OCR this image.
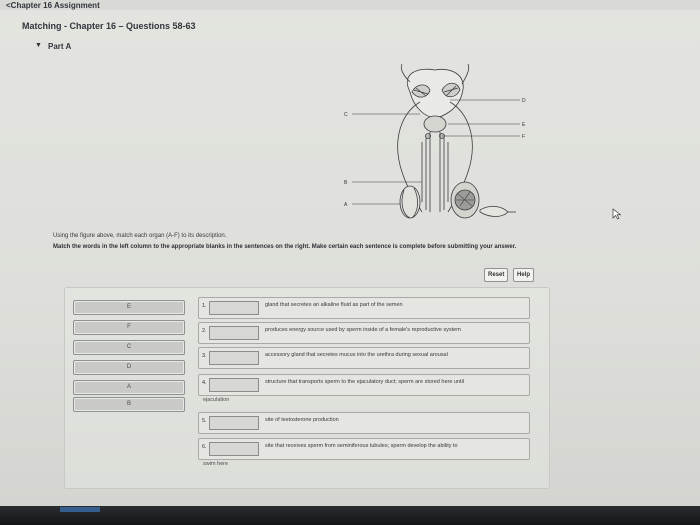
<Chapter 16 Assignment
Matching - Chapter 16 – Questions 58-63
▼ Part A
C
B
A
D
E
F
Using the figure above, match each organ (A-F) to its description.
Match the words in the left column to the appropriate blanks in the sentences on the right. Make certain each sentence is complete before submitting your answer.
Reset	Help
E
F
C
D
A
B
1.	gland that secretes an alkaline fluid as part of the semen
2.	produces energy source used by sperm inside of a female's reproductive system
3.	accessory gland that secretes mucus into the urethra during sexual arousal
4.	structure that transports sperm to the ejaculatory duct; sperm are stored here until
ejaculation
5.	site of testosterone production
6.	site that receives sperm from seminiferous tubules; sperm develop the ability to
swim here
